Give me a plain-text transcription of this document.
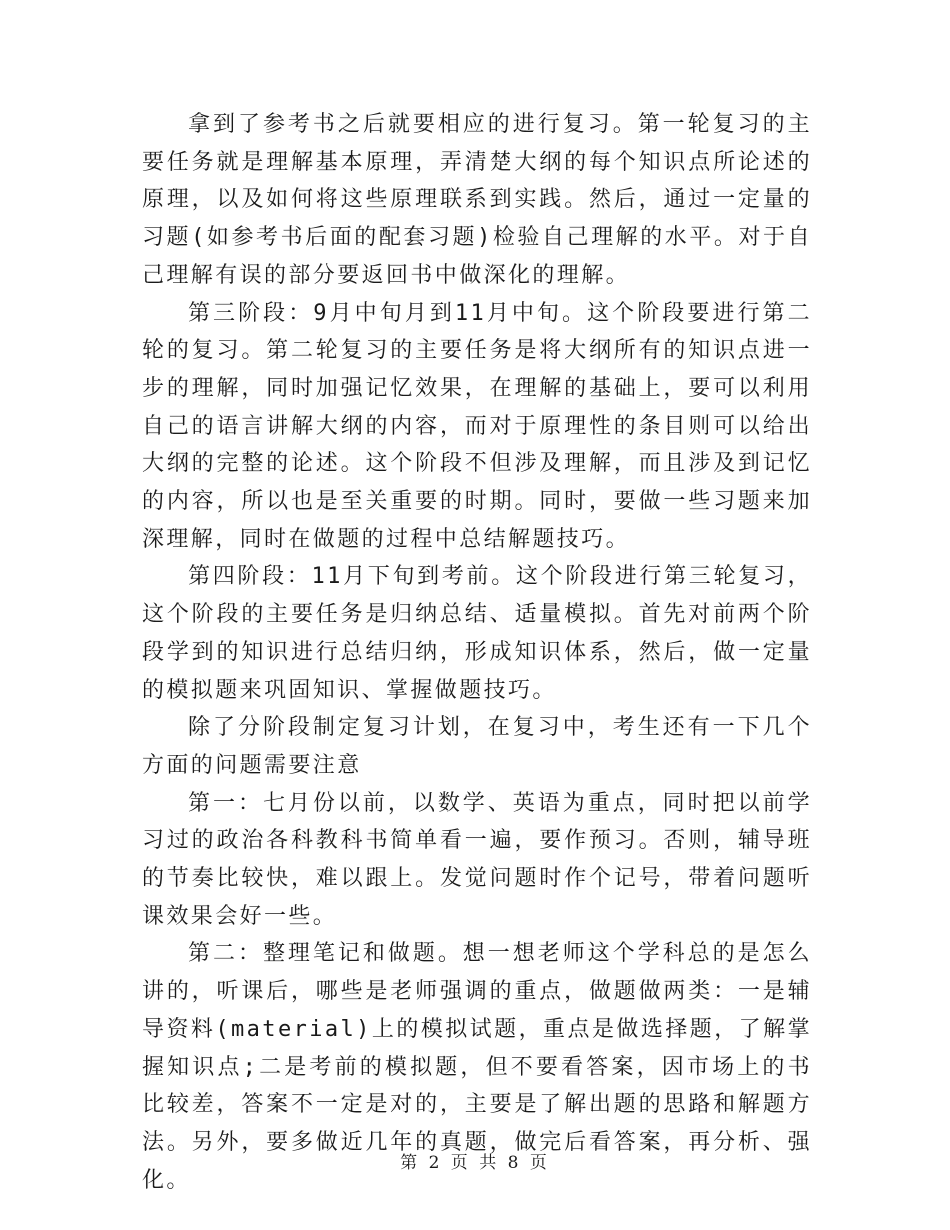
拿到了参考书之后就要相应的进行复习。第一轮复习的主要任务就是理解基本原理，弄清楚大纲的每个知识点所论述的原理，以及如何将这些原理联系到实践。然后，通过一定量的习题(如参考书后面的配套习题)检验自己理解的水平。对于自己理解有误的部分要返回书中做深化的理解。

第三阶段：9月中旬月到11月中旬。这个阶段要进行第二轮的复习。第二轮复习的主要任务是将大纲所有的知识点进一步的理解，同时加强记忆效果，在理解的基础上，要可以利用自己的语言讲解大纲的内容，而对于原理性的条目则可以给出大纲的完整的论述。这个阶段不但涉及理解，而且涉及到记忆的内容，所以也是至关重要的时期。同时，要做一些习题来加深理解，同时在做题的过程中总结解题技巧。

第四阶段：11月下旬到考前。这个阶段进行第三轮复习，这个阶段的主要任务是归纳总结、适量模拟。首先对前两个阶段学到的知识进行总结归纳，形成知识体系，然后，做一定量的模拟题来巩固知识、掌握做题技巧。

除了分阶段制定复习计划，在复习中，考生还有一下几个方面的问题需要注意

第一：七月份以前，以数学、英语为重点，同时把以前学习过的政治各科教科书简单看一遍，要作预习。否则，辅导班的节奏比较快，难以跟上。发觉问题时作个记号，带着问题听课效果会好一些。

第二：整理笔记和做题。想一想老师这个学科总的是怎么讲的，听课后，哪些是老师强调的重点，做题做两类：一是辅导资料(material)上的模拟试题，重点是做选择题，了解掌握知识点;二是考前的模拟题，但不要看答案，因市场上的书比较差，答案不一定是对的，主要是了解出题的思路和解题方法。另外，要多做近几年的真题，做完后看答案，再分析、强化。

第 2 页 共 8 页
